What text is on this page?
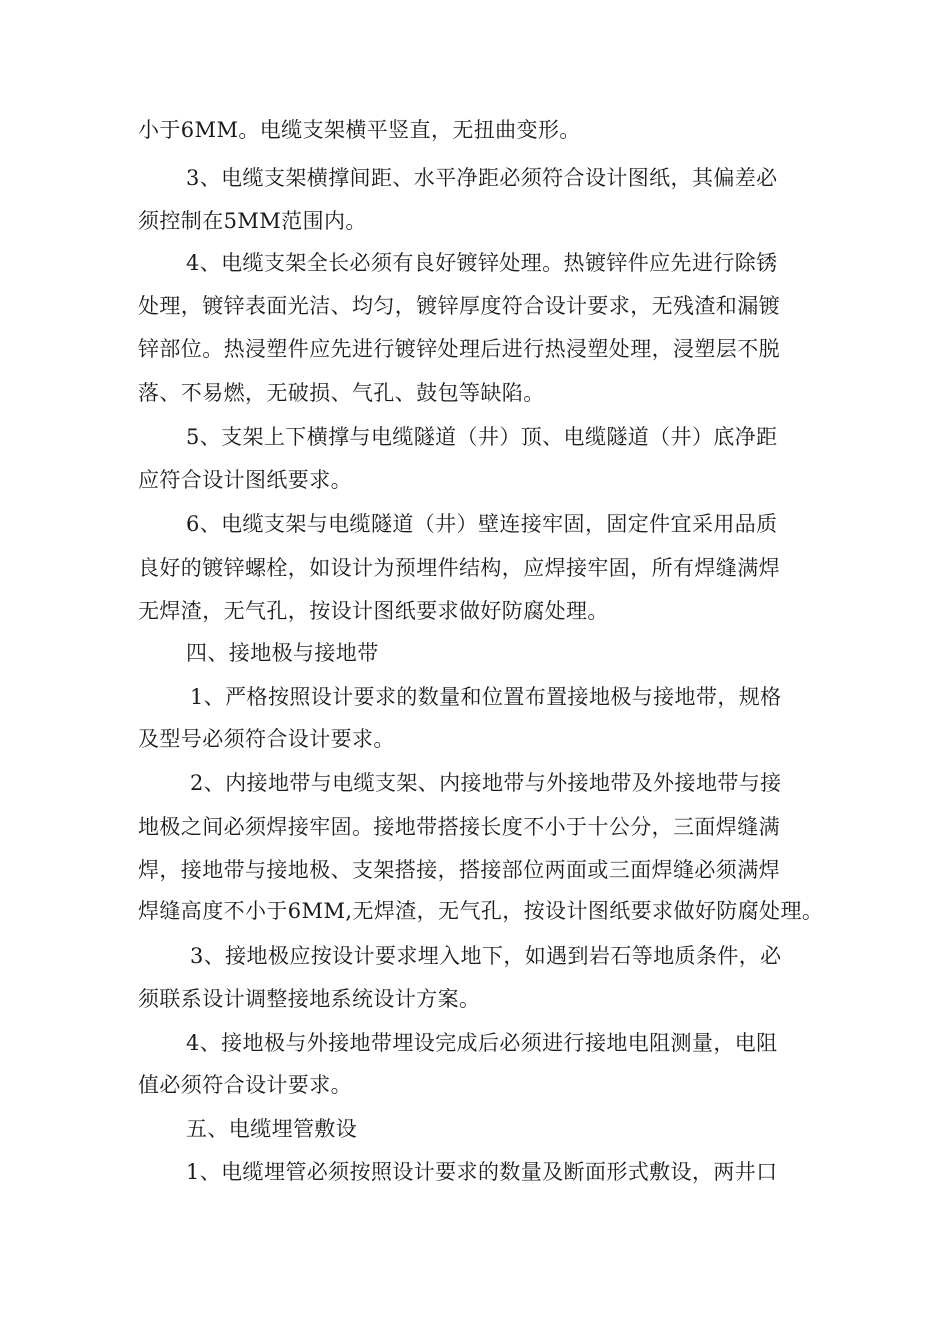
小于6MM。电缆支架横平竖直，无扭曲变形。
3、电缆支架横撑间距、水平净距必须符合设计图纸，其偏差必
须控制在5MM范围内。
4、电缆支架全长必须有良好镀锌处理。热镀锌件应先进行除锈
处理，镀锌表面光洁、均匀，镀锌厚度符合设计要求，无残渣和漏镀
锌部位。热浸塑件应先进行镀锌处理后进行热浸塑处理，浸塑层不脱
落、不易燃，无破损、气孔、鼓包等缺陷。
5、支架上下横撑与电缆隧道（井）顶、电缆隧道（井）底净距
应符合设计图纸要求。
6、电缆支架与电缆隧道（井）壁连接牢固，固定件宜采用品质
良好的镀锌螺栓，如设计为预埋件结构，应焊接牢固，所有焊缝满焊
无焊渣，无气孔，按设计图纸要求做好防腐处理。
四、接地极与接地带
1、严格按照设计要求的数量和位置布置接地极与接地带，规格
及型号必须符合设计要求。
2、内接地带与电缆支架、内接地带与外接地带及外接地带与接
地极之间必须焊接牢固。接地带搭接长度不小于十公分，三面焊缝满
焊，接地带与接地极、支架搭接，搭接部位两面或三面焊缝必须满焊
焊缝高度不小于6MM,无焊渣，无气孔，按设计图纸要求做好防腐处理。
3、接地极应按设计要求埋入地下，如遇到岩石等地质条件，必
须联系设计调整接地系统设计方案。
4、接地极与外接地带埋设完成后必须进行接地电阻测量，电阻
值必须符合设计要求。
五、电缆埋管敷设
1、电缆埋管必须按照设计要求的数量及断面形式敷设，两井口
